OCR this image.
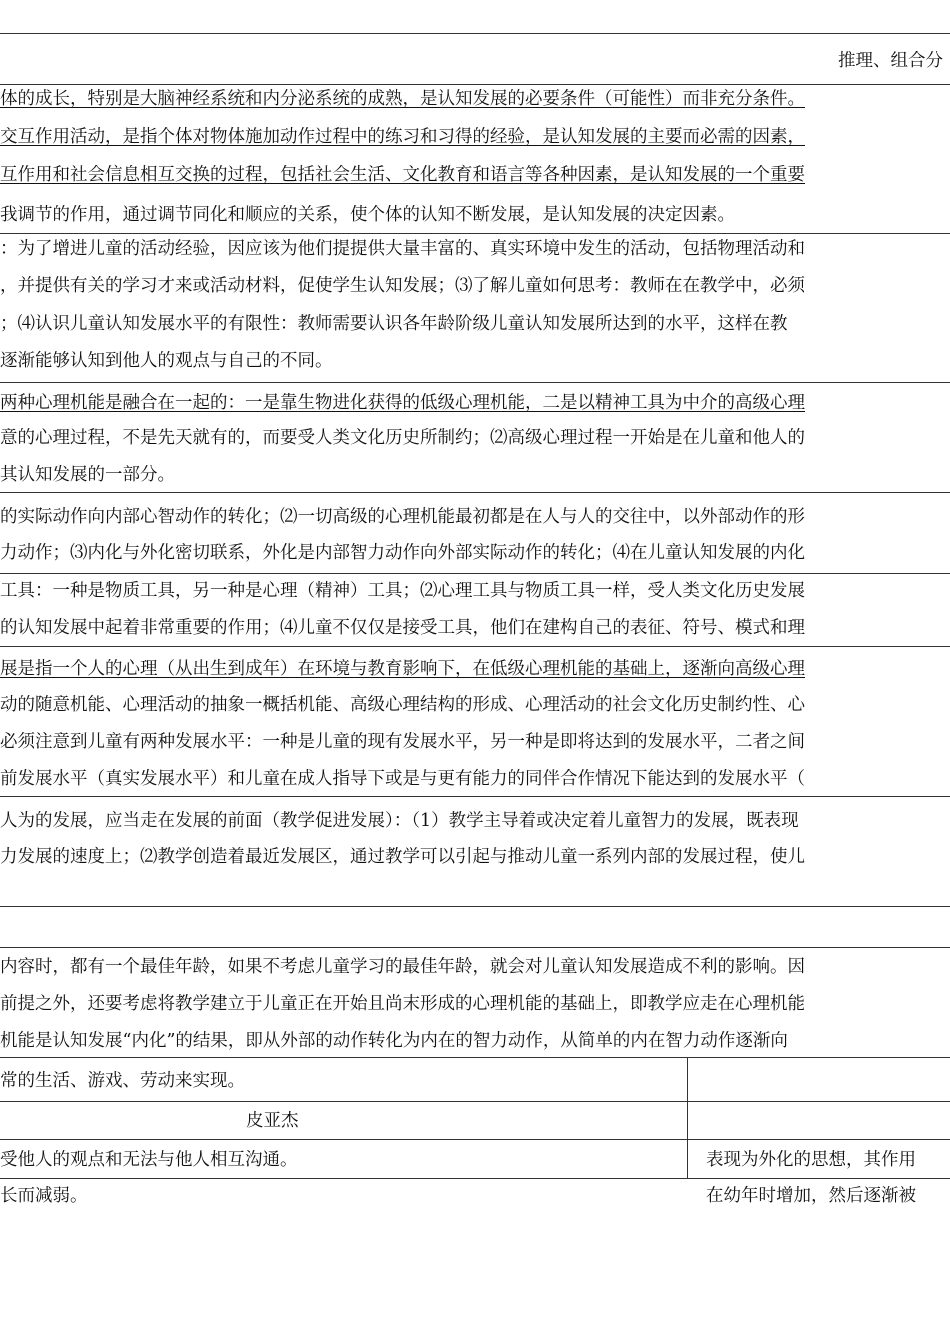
推理、组合分
体的成长，特别是大脑神经系统和内分泌系统的成熟，是认知发展的必要条件（可能性）而非充分条件。
交互作用活动，是指个体对物体施加动作过程中的练习和习得的经验，是认知发展的主要而必需的因素，
互作用和社会信息相互交换的过程，包括社会生活、文化教育和语言等各种因素，是认知发展的一个重要
我调节的作用，通过调节同化和顺应的关系，使个体的认知不断发展，是认知发展的决定因素。
：为了增进儿童的活动经验，因应该为他们提提供大量丰富的、真实环境中发生的活动，包括物理活动和
，并提供有关的学习才来或活动材料，促使学生认知发展；⑶了解儿童如何思考：教师在在教学中，必须
；⑷认识儿童认知发展水平的有限性：教师需要认识各年龄阶级儿童认知发展所达到的水平，这样在教
逐渐能够认知到他人的观点与自己的不同。
两种心理机能是融合在一起的：一是靠生物进化获得的低级心理机能，二是以精神工具为中介的高级心理
意的心理过程，不是先天就有的，而要受人类文化历史所制约；⑵高级心理过程一开始是在儿童和他人的
其认知发展的一部分。
的实际动作向内部心智动作的转化；⑵一切高级的心理机能最初都是在人与人的交往中，以外部动作的形
力动作；⑶内化与外化密切联系，外化是内部智力动作向外部实际动作的转化；⑷在儿童认知发展的内化
工具：一种是物质工具，另一种是心理（精神）工具；⑵心理工具与物质工具一样，受人类文化历史发展
的认知发展中起着非常重要的作用；⑷儿童不仅仅是接受工具，他们在建构自己的表征、符号、模式和理
展是指一个人的心理（从出生到成年）在环境与教育影响下，在低级心理机能的基础上，逐渐向高级心理
动的随意机能、心理活动的抽象一概括机能、高级心理结构的形成、心理活动的社会文化历史制约性、心
必须注意到儿童有两种发展水平：一种是儿童的现有发展水平，另一种是即将达到的发展水平，二者之间
前发展水平（真实发展水平）和儿童在成人指导下或是与更有能力的同伴合作情况下能达到的发展水平（
人为的发展，应当走在发展的前面（教学促进发展）：（1）教学主导着或决定着儿童智力的发展，既表现
力发展的速度上；⑵教学创造着最近发展区，通过教学可以引起与推动儿童一系列内部的发展过程，使儿
内容时，都有一个最佳年龄，如果不考虑儿童学习的最佳年龄，就会对儿童认知发展造成不利的影响。因
前提之外，还要考虑将教学建立于儿童正在开始且尚末形成的心理机能的基础上，即教学应走在心理机能
机能是认知发展“内化”的结果，即从外部的动作转化为内在的智力动作，从简单的内在智力动作逐渐向
常的生活、游戏、劳动来实现。
皮亚杰
受他人的观点和无法与他人相互沟通。	表现为外化的思想，其作用
长而减弱。	在幼年时增加，然后逐渐被
